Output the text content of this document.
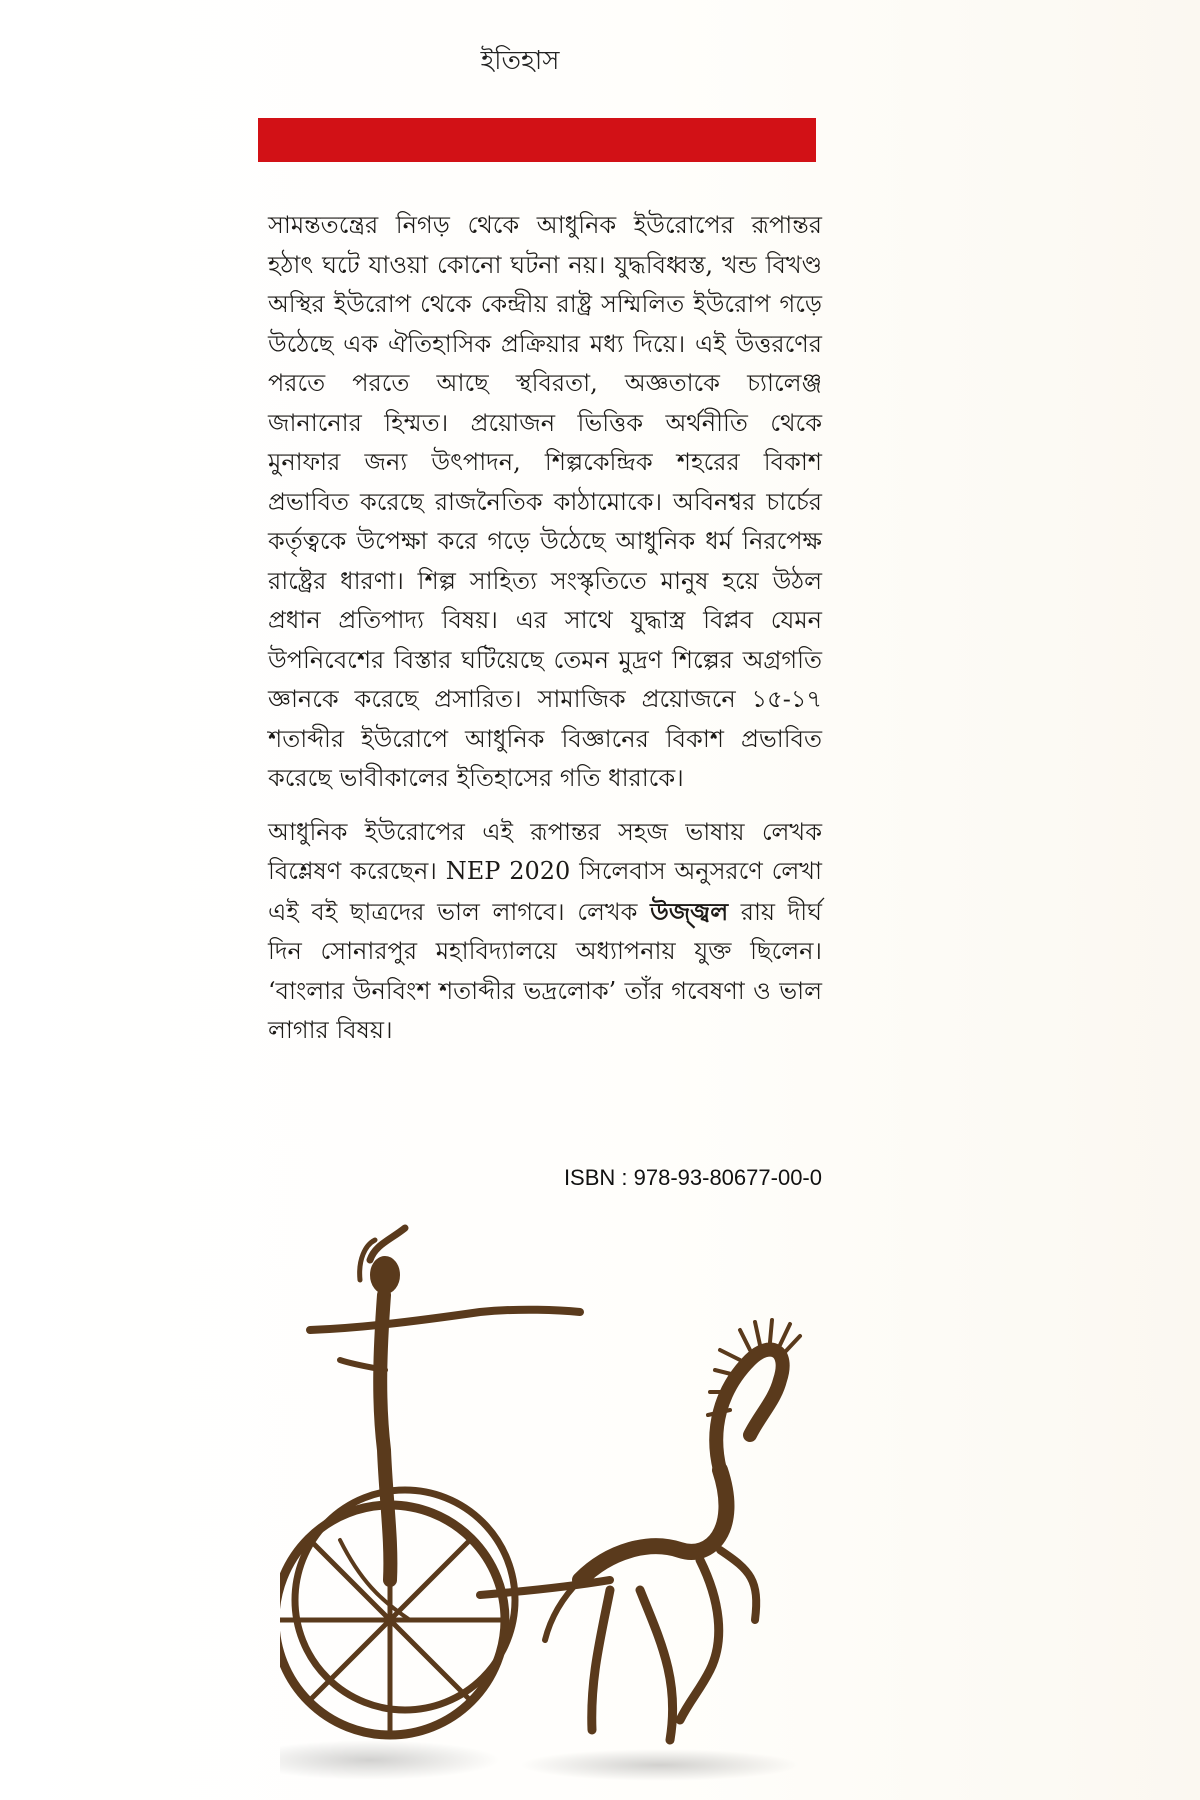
ইতিহাস

সামন্ততন্ত্রের নিগড় থেকে আধুনিক ইউরোপের রূপান্তর হঠাৎ ঘটে যাওয়া কোনো ঘটনা নয়। যুদ্ধবিধ্বস্ত, খন্ড বিখণ্ড অস্থির ইউরোপ থেকে কেন্দ্রীয় রাষ্ট্র সম্মিলিত ইউরোপ গড়ে উঠেছে এক ঐতিহাসিক প্রক্রিয়ার মধ্য দিয়ে। এই উত্তরণের পরতে পরতে আছে স্থবিরতা, অজ্ঞতাকে চ্যালেঞ্জ জানানোর হিম্মত। প্রয়োজন ভিত্তিক অর্থনীতি থেকে মুনাফার জন্য উৎপাদন, শিল্পকেন্দ্রিক শহরের বিকাশ প্রভাবিত করেছে রাজনৈতিক কাঠামোকে। অবিনশ্বর চার্চের কর্তৃত্বকে উপেক্ষা করে গড়ে উঠেছে আধুনিক ধর্ম নিরপেক্ষ রাষ্ট্রের ধারণা। শিল্প সাহিত্য সংস্কৃতিতে মানুষ হয়ে উঠল প্রধান প্রতিপাদ্য বিষয়। এর সাথে যুদ্ধাস্ত্র বিপ্লব যেমন উপনিবেশের বিস্তার ঘটিয়েছে তেমন মুদ্রণ শিল্পের অগ্রগতি জ্ঞানকে করেছে প্রসারিত। সামাজিক প্রয়োজনে ১৫-১৭ শতাব্দীর ইউরোপে আধুনিক বিজ্ঞানের বিকাশ প্রভাবিত করেছে ভাবীকালের ইতিহাসের গতি ধারাকে।

আধুনিক ইউরোপের এই রূপান্তর সহজ ভাষায় লেখক বিশ্লেষণ করেছেন। NEP 2020 সিলেবাস অনুসরণে লেখা এই বই ছাত্রদের ভাল লাগবে। লেখক উজ্জ্বল রায় দীর্ঘ দিন সোনারপুর মহাবিদ্যালয়ে অধ্যাপনায় যুক্ত ছিলেন। ‘বাংলার উনবিংশ শতাব্দীর ভদ্রলোক’ তাঁর গবেষণা ও ভাল লাগার বিষয়।

ISBN : 978-93-80677-00-0
